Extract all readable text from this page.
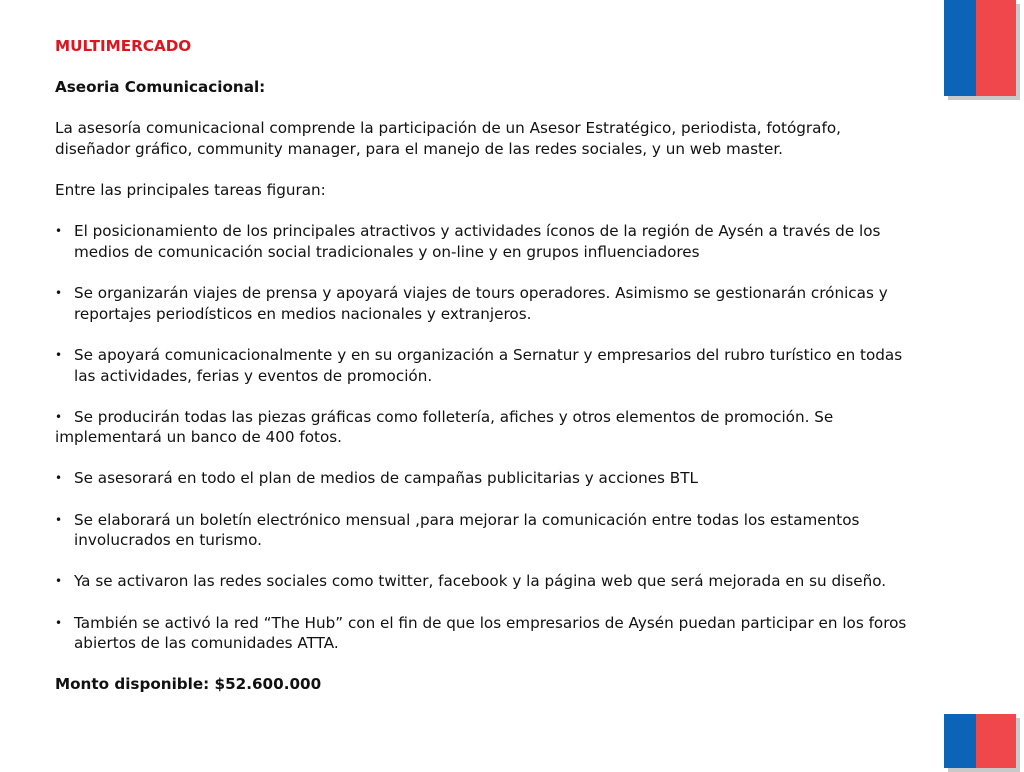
MULTIMERCADO
Aseoria Comunicacional:

La asesoría comunicacional comprende la participación de un Asesor Estratégico, periodista, fotógrafo, diseñador gráfico, community manager, para el manejo de las redes sociales, y un web master.

Entre las principales tareas figuran:

• El posicionamiento de los principales atractivos y actividades íconos de la región de Aysén a través de los medios de comunicación social tradicionales y on-line y en grupos influenciadores
• Se organizarán viajes de prensa y apoyará viajes de tours operadores. Asimismo se gestionarán crónicas y reportajes periodísticos en medios nacionales y extranjeros.
• Se apoyará comunicacionalmente y en su organización a Sernatur y empresarios del rubro turístico en todas las actividades, ferias y eventos de promoción.
• Se producirán todas las piezas gráficas como folletería, afiches y otros elementos de promoción. Se implementará un banco de 400 fotos.
• Se asesorará en todo el plan de medios de campañas publicitarias y acciones BTL
• Se elaborará un boletín electrónico mensual ,para mejorar la comunicación entre todas los estamentos involucrados en turismo.
• Ya se activaron las redes sociales como twitter, facebook y la página web que será mejorada en su diseño.
• También se activó la red “The Hub” con el fin de que los empresarios de Aysén puedan participar en los foros abiertos de las comunidades ATTA.
Monto disponible: $52.600.000
